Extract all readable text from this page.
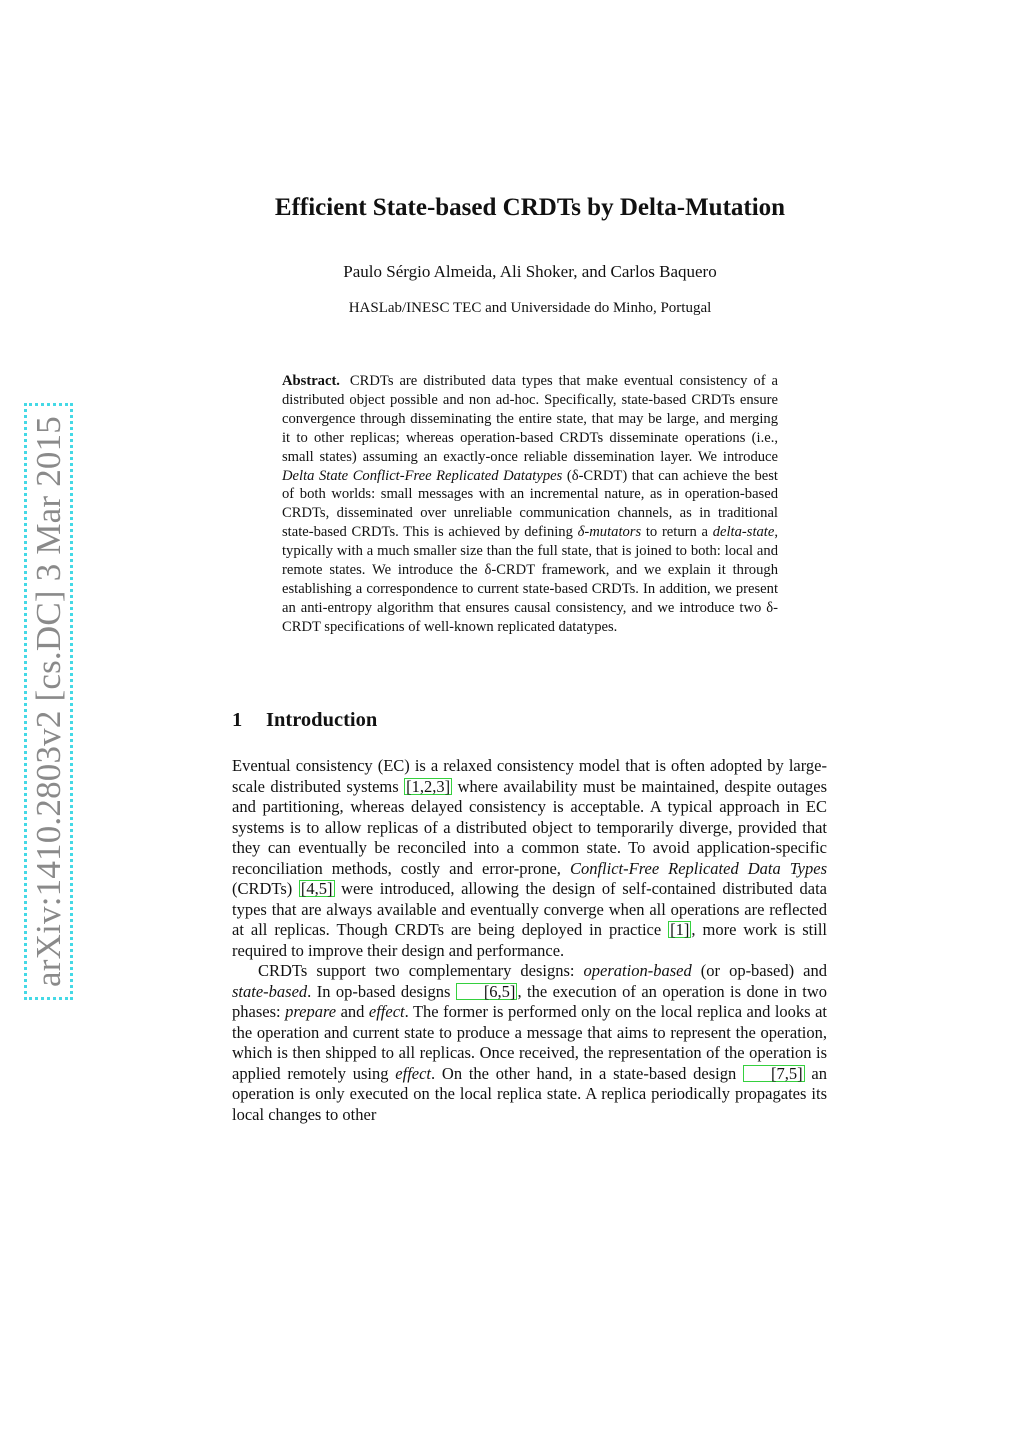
arXiv:1410.2803v2 [cs.DC] 3 Mar 2015
Efficient State-based CRDTs by Delta-Mutation

Paulo Sérgio Almeida, Ali Shoker, and Carlos Baquero

HASLab/INESC TEC and Universidade do Minho, Portugal

Abstract. CRDTs are distributed data types that make eventual consistency of a distributed object possible and non ad-hoc. Specifically, state-based CRDTs ensure convergence through disseminating the entire state, that may be large, and merging it to other replicas; whereas operation-based CRDTs disseminate operations (i.e., small states) assuming an exactly-once reliable dissemination layer. We introduce Delta State Conflict-Free Replicated Datatypes (δ-CRDT) that can achieve the best of both worlds: small messages with an incremental nature, as in operation-based CRDTs, disseminated over unreliable communication channels, as in traditional state-based CRDTs. This is achieved by defining δ-mutators to return a delta-state, typically with a much smaller size than the full state, that is joined to both: local and remote states. We introduce the δ-CRDT framework, and we explain it through establishing a correspondence to current state-based CRDTs. In addition, we present an anti-entropy algorithm that ensures causal consistency, and we introduce two δ-CRDT specifications of well-known replicated datatypes.

1 Introduction

Eventual consistency (EC) is a relaxed consistency model that is often adopted by large-scale distributed systems [1,2,3] where availability must be maintained, despite outages and partitioning, whereas delayed consistency is acceptable. A typical approach in EC systems is to allow replicas of a distributed object to temporarily diverge, provided that they can eventually be reconciled into a common state. To avoid application-specific reconciliation methods, costly and error-prone, Conflict-Free Replicated Data Types (CRDTs) [4,5] were introduced, allowing the design of self-contained distributed data types that are always available and eventually converge when all operations are reflected at all replicas. Though CRDTs are being deployed in practice [1] , more work is still required to improve their design and performance.

CRDTs support two complementary designs: operation-based (or op-based) and state-based. In op-based designs [6,5] , the execution of an operation is done in two phases: prepare and effect. The former is performed only on the local replica and looks at the operation and current state to produce a message that aims to represent the operation, which is then shipped to all replicas. Once received, the representation of the operation is applied remotely using effect. On the other hand, in a state-based design [7,5] an operation is only executed on the local replica state. A replica periodically propagates its local changes to other
